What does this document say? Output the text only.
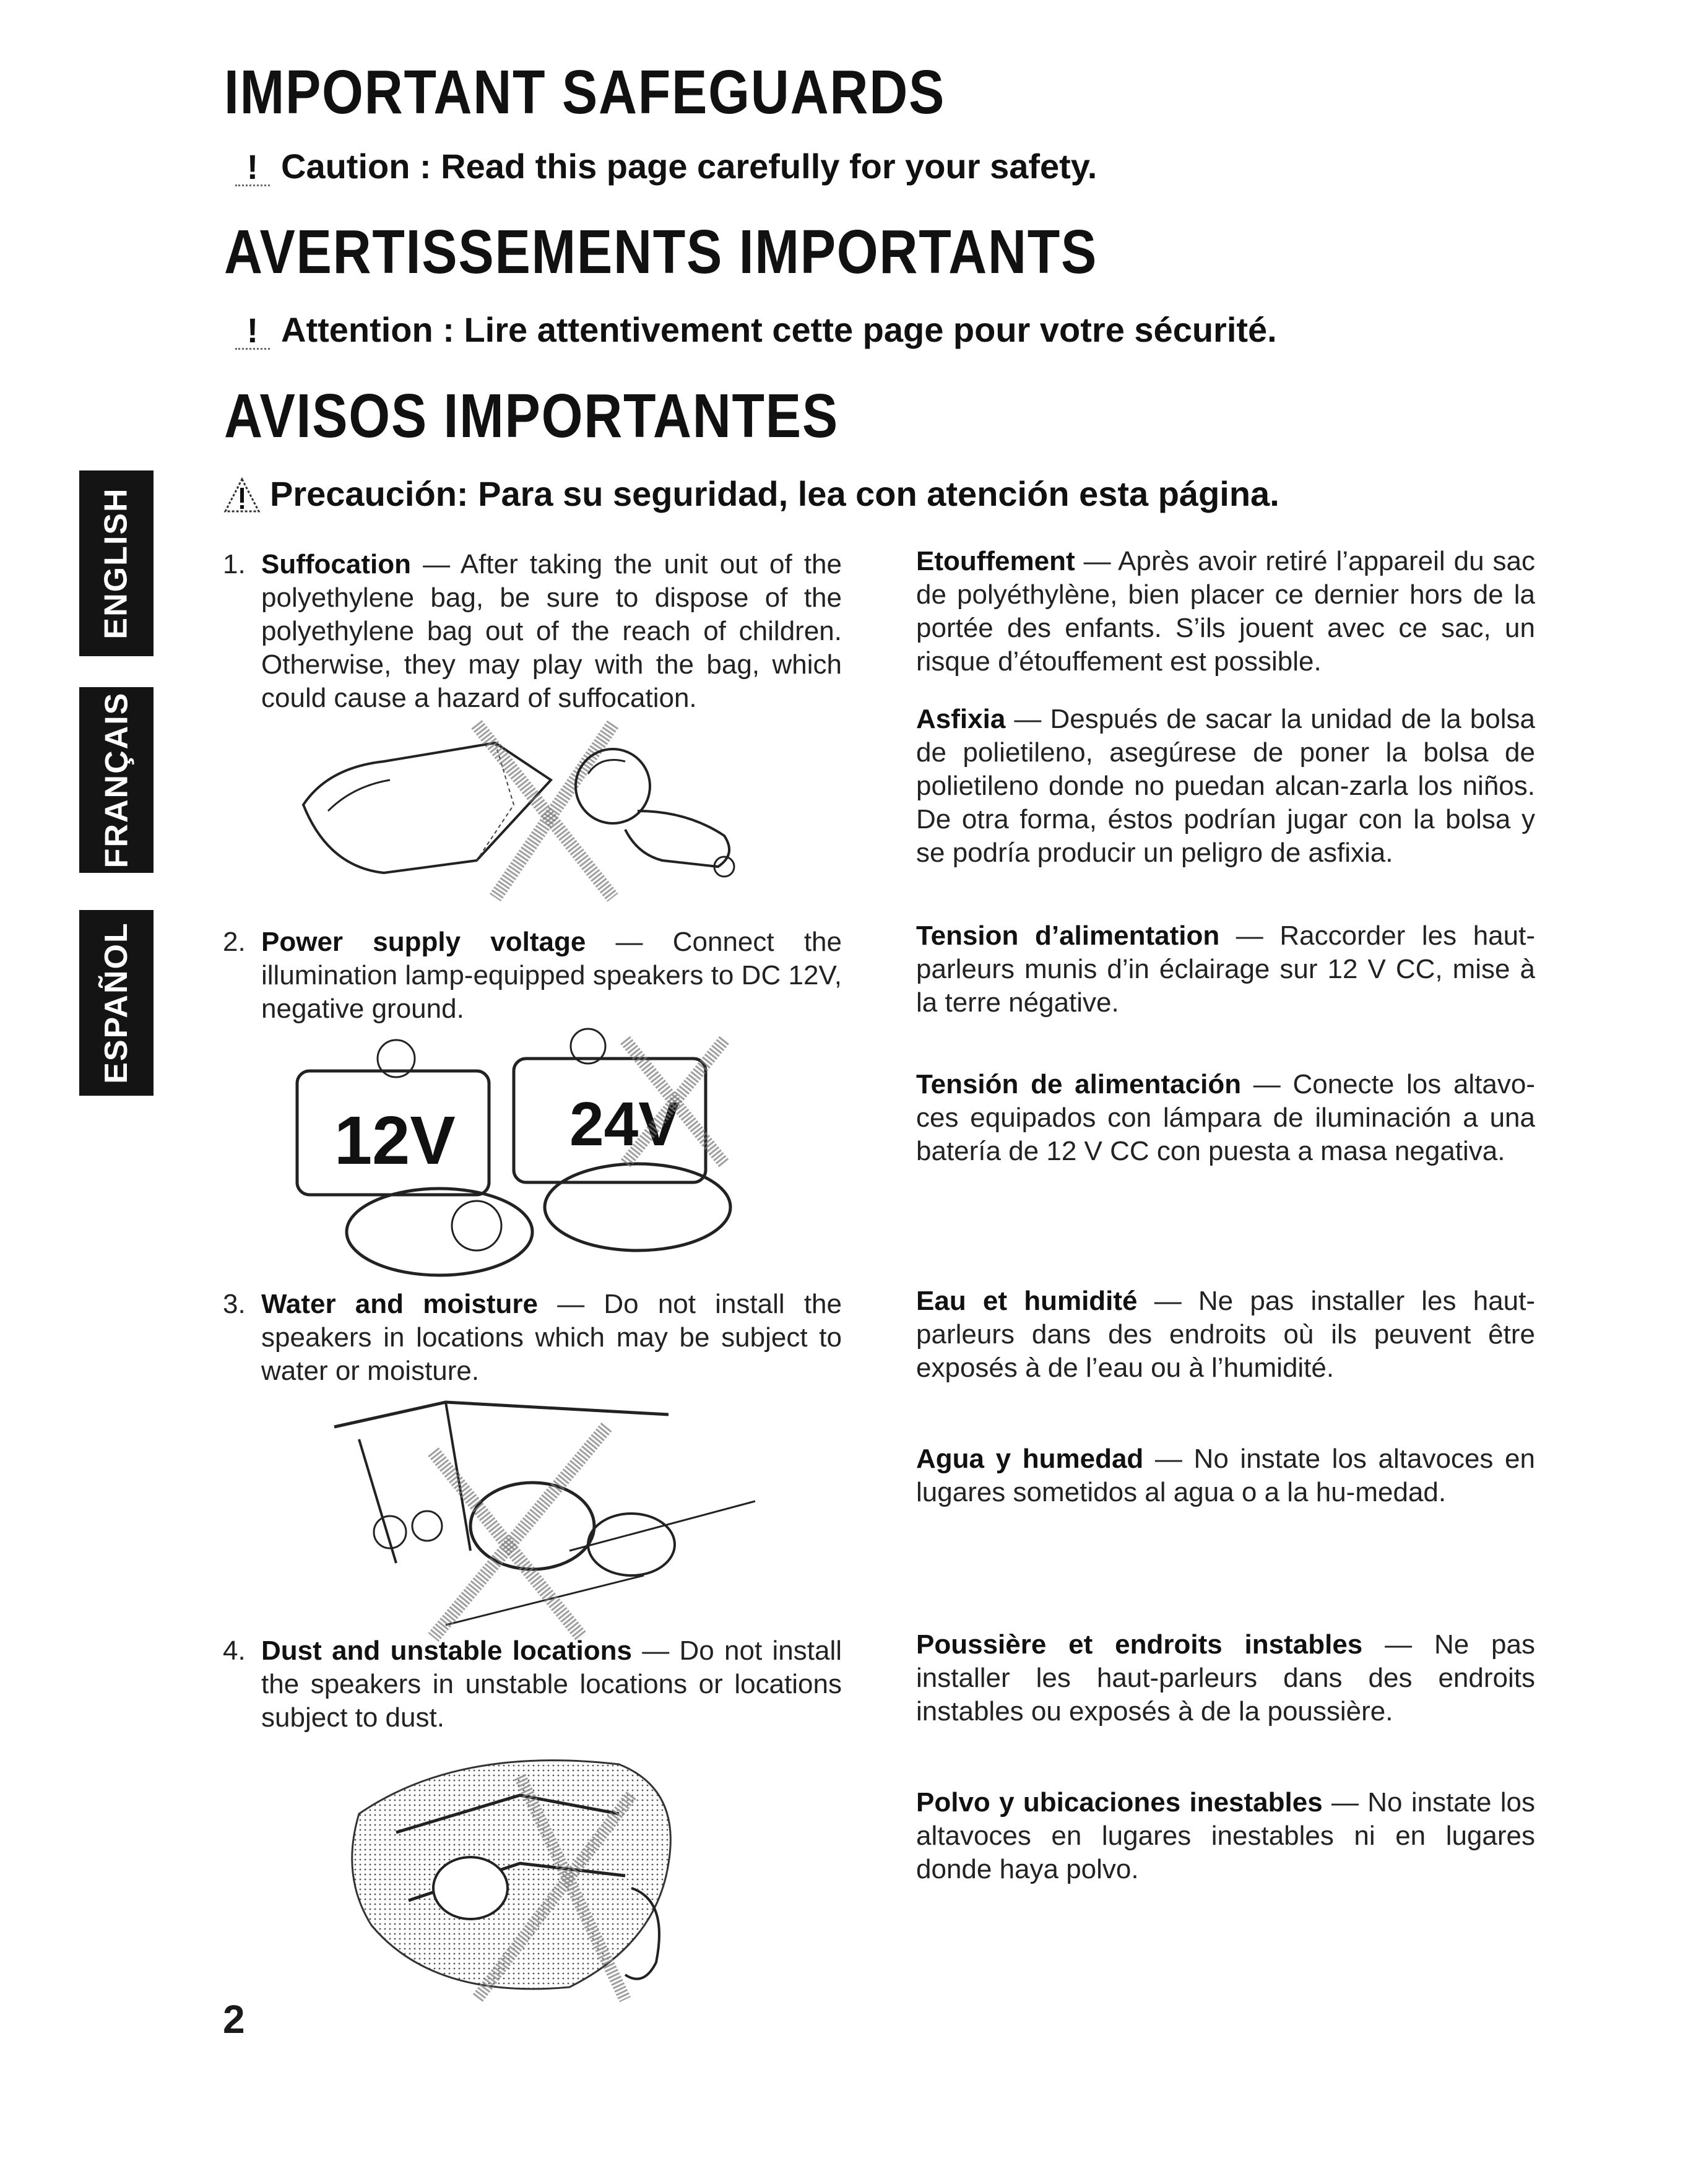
IMPORTANT SAFEGUARDS
! Caution : Read this page carefully for your safety.
AVERTISSEMENTS IMPORTANTS
! Attention : Lire attentivement cette page pour votre sécurité.
AVISOS IMPORTANTES
Precaución: Para su seguridad, lea con atención esta página.
ENGLISH
FRANÇAIS
ESPAÑOL
1. Suffocation — After taking the unit out of the polyethylene bag, be sure to dispose of the polyethylene bag out of the reach of children. Otherwise, they may play with the bag, which could cause a hazard of suffocation.
Etouffement — Après avoir retiré l’appareil du sac de polyéthylène, bien placer ce dernier hors de la portée des enfants. S’ils jouent avec ce sac, un risque d’étouffement est possible.
Asfixia — Después de sacar la unidad de la bolsa de polietileno, asegúrese de poner la bolsa de polietileno donde no puedan alcan-zarla los niños. De otra forma, éstos podrían jugar con la bolsa y se podría producir un peligro de asfixia.
2. Power supply voltage — Connect the illumination lamp-equipped speakers to DC 12V, negative ground.
12V 24V
Tension d’alimentation — Raccorder les haut-parleurs munis d’in éclairage sur 12 V CC, mise à la terre négative.
Tensión de alimentación — Conecte los altavo-ces equipados con lámpara de iluminación a una batería de 12 V CC con puesta a masa negativa.
3. Water and moisture — Do not install the speakers in locations which may be subject to water or moisture.
Eau et humidité — Ne pas installer les haut-parleurs dans des endroits où ils peuvent être exposés à de l’eau ou à l’humidité.
Agua y humedad — No instate los altavoces en lugares sometidos al agua o a la hu-medad.
4. Dust and unstable locations — Do not install the speakers in unstable locations or locations subject to dust.
Poussière et endroits instables — Ne pas installer les haut-parleurs dans des endroits instables ou exposés à de la poussière.
Polvo y ubicaciones inestables — No instate los altavoces en lugares inestables ni en lugares donde haya polvo.
2
